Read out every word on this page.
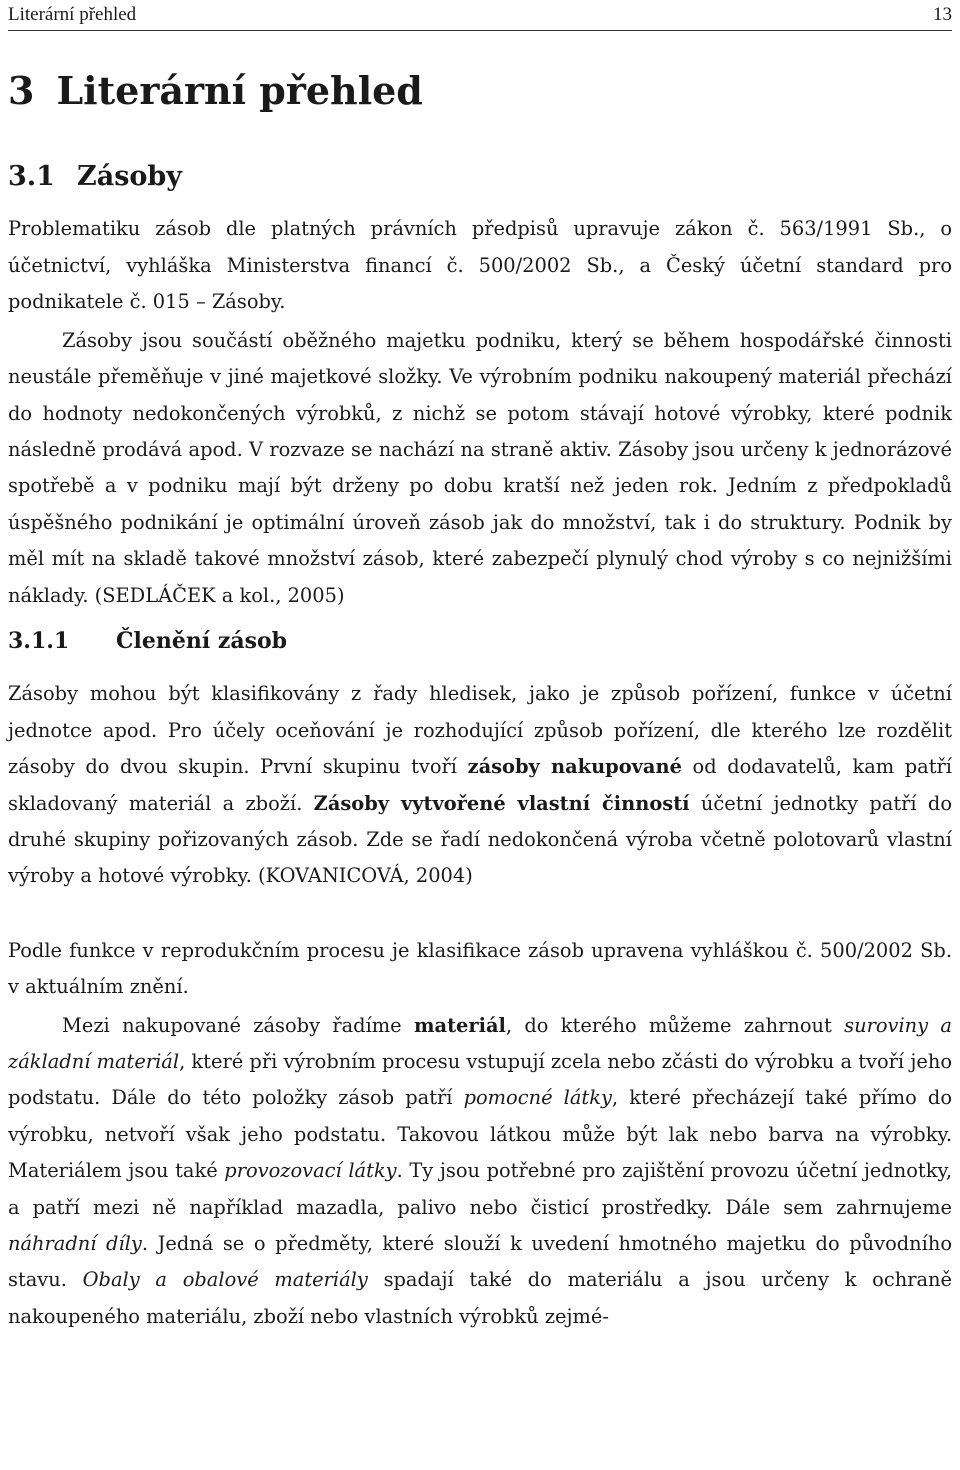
Literární přehled	13
3 Literární přehled
3.1 Zásoby

Problematiku zásob dle platných právních předpisů upravuje zákon č. 563/1991 Sb., o účetnictví, vyhláška Ministerstva financí č. 500/2002 Sb., a Český účetní standard pro podnikatele č. 015 – Zásoby.

Zásoby jsou součástí oběžného majetku podniku, který se během hospodářské činnosti neustále přeměňuje v jiné majetkové složky. Ve výrobním podniku nakoupený materiál přechází do hodnoty nedokončených výrobků, z nichž se potom stávají hotové výrobky, které podnik následně prodává apod. V rozvaze se nachází na straně aktiv. Zásoby jsou určeny k jednorázové spotřebě a v podniku mají být drženy po dobu kratší než jeden rok. Jedním z předpokladů úspěšného podnikání je optimální úroveň zásob jak do množství, tak i do struktury. Podnik by měl mít na skladě takové množství zásob, které zabezpečí plynulý chod výroby s co nejnižšími náklady. (SEDLÁČEK a kol., 2005)

3.1.1 Členění zásob

Zásoby mohou být klasifikovány z řady hledisek, jako je způsob pořízení, funkce v účetní jednotce apod. Pro účely oceňování je rozhodující způsob pořízení, dle kterého lze rozdělit zásoby do dvou skupin. První skupinu tvoří zásoby nakupované od dodavatelů, kam patří skladovaný materiál a zboží. Zásoby vytvořené vlastní činností účetní jednotky patří do druhé skupiny pořizovaných zásob. Zde se řadí nedokončená výroba včetně polotovarů vlastní výroby a hotové výrobky. (KOVANICOVÁ, 2004)

Podle funkce v reprodukčním procesu je klasifikace zásob upravena vyhláškou č. 500/2002 Sb. v aktuálním znění.

Mezi nakupované zásoby řadíme materiál, do kterého můžeme zahrnout suroviny a základní materiál, které při výrobním procesu vstupují zcela nebo zčásti do výrobku a tvoří jeho podstatu. Dále do této položky zásob patří pomocné látky, které přecházejí také přímo do výrobku, netvoří však jeho podstatu. Takovou látkou může být lak nebo barva na výrobky. Materiálem jsou také provozovací látky. Ty jsou potřebné pro zajištění provozu účetní jednotky, a patří mezi ně například mazadla, palivo nebo čisticí prostředky. Dále sem zahrnujeme náhradní díly. Jedná se o předměty, které slouží k uvedení hmotného majetku do původního stavu. Obaly a obalové materiály spadají také do materiálu a jsou určeny k ochraně nakoupeného materiálu, zboží nebo vlastních výrobků zejmé-
